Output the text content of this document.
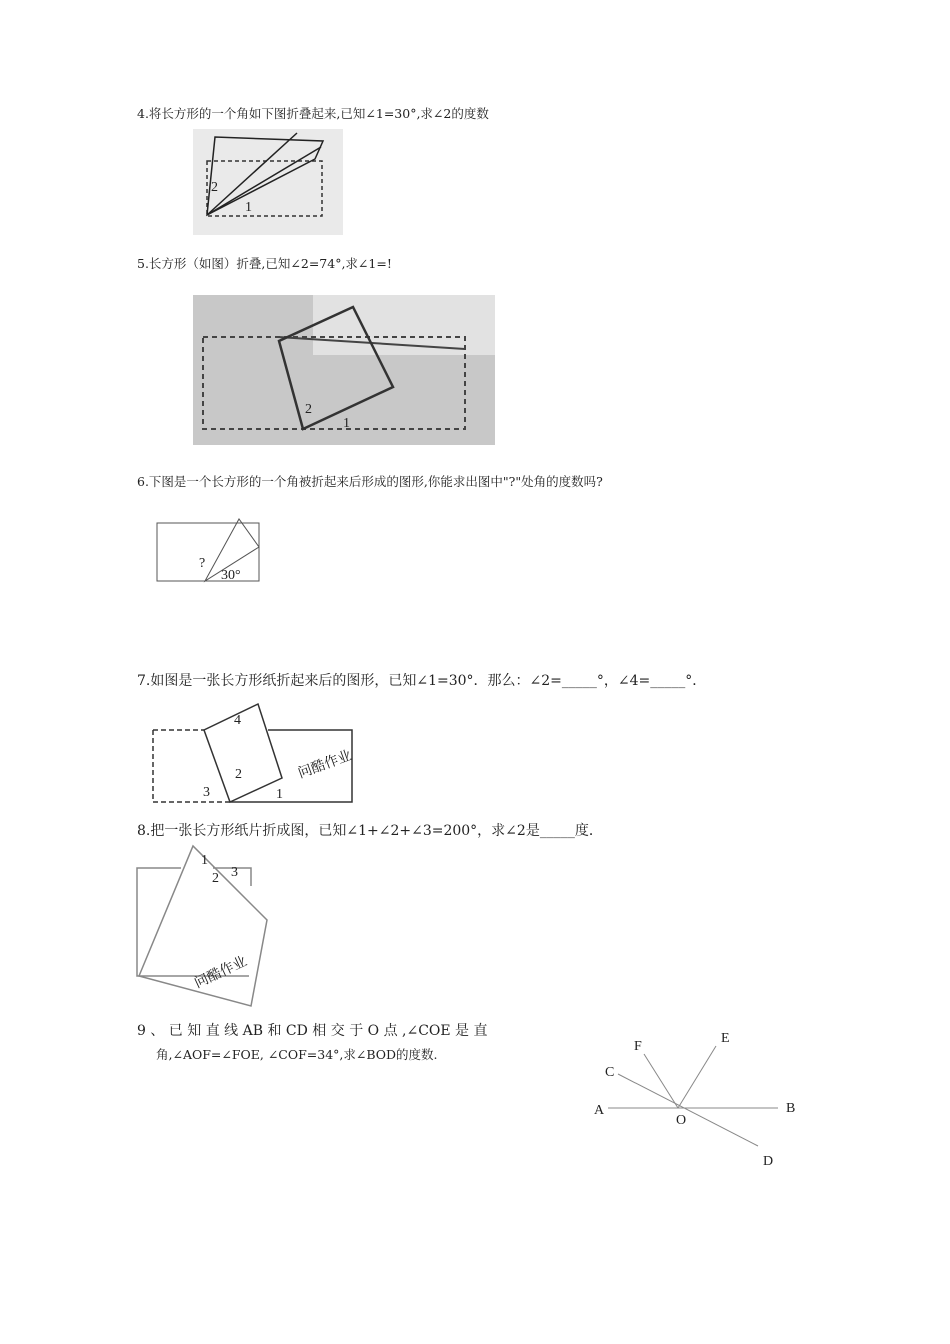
4.将长方形的一个角如下图折叠起来,已知∠1=30°,求∠2的度数
2
1
5.长方形（如图）折叠,已知∠2=74°,求∠1=!
2
1
6.下图是一个长方形的一个角被折起来后形成的图形,你能求出图中"?"处角的度数吗?
?
30°
7.如图是一张长方形纸折起来后的图形，已知∠1=30°．那么：∠2=_____°，∠4=_____°．
4
2
3	1
问酷作业
8.把一张长方形纸片折成图，已知∠1+∠2+∠3=200°，求∠2是_____度．
1
2 3
问酷作业
9 、 已 知 直 线 AB 和 CD 相 交 于 O 点 ,∠COE 是 直
角,∠AOF=∠FOE, ∠COF=34°,求∠BOD的度数.
F
E
C
A	B
O
D
